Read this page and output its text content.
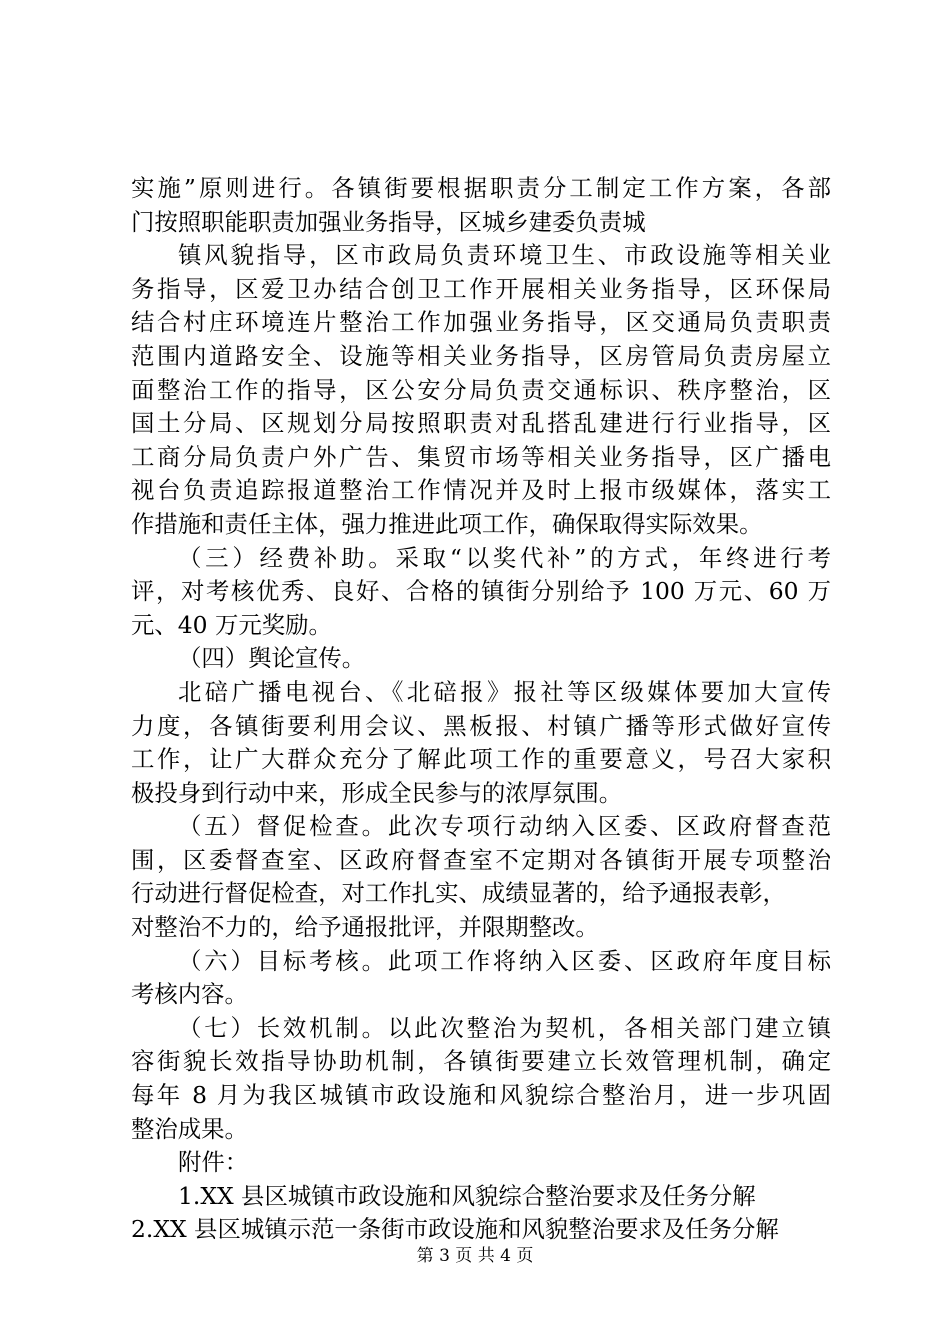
实施”原则进行。各镇街要根据职责分工制定工作方案，各部
门按照职能职责加强业务指导，区城乡建委负责城
镇风貌指导，区市政局负责环境卫生、市政设施等相关业
务指导，区爱卫办结合创卫工作开展相关业务指导，区环保局
结合村庄环境连片整治工作加强业务指导，区交通局负责职责
范围内道路安全、设施等相关业务指导，区房管局负责房屋立
面整治工作的指导，区公安分局负责交通标识、秩序整治，区
国土分局、区规划分局按照职责对乱搭乱建进行行业指导，区
工商分局负责户外广告、集贸市场等相关业务指导，区广播电
视台负责追踪报道整治工作情况并及时上报市级媒体，落实工
作措施和责任主体，强力推进此项工作，确保取得实际效果。
（三）经费补助。采取“以奖代补”的方式，年终进行考
评，对考核优秀、良好、合格的镇街分别给予 100 万元、60 万
元、40 万元奖励。
（四）舆论宣传。
北碚广播电视台、《北碚报》报社等区级媒体要加大宣传
力度，各镇街要利用会议、黑板报、村镇广播等形式做好宣传
工作，让广大群众充分了解此项工作的重要意义，号召大家积
极投身到行动中来，形成全民参与的浓厚氛围。
（五）督促检查。此次专项行动纳入区委、区政府督查范
围，区委督查室、区政府督查室不定期对各镇街开展专项整治
行动进行督促检查，对工作扎实、成绩显著的，给予通报表彰，
对整治不力的，给予通报批评，并限期整改。
（六）目标考核。此项工作将纳入区委、区政府年度目标
考核内容。
（七）长效机制。以此次整治为契机，各相关部门建立镇
容街貌长效指导协助机制，各镇街要建立长效管理机制，确定
每年 8 月为我区城镇市政设施和风貌综合整治月，进一步巩固
整治成果。
附件：
1.XX 县区城镇市政设施和风貌综合整治要求及任务分解
2.XX 县区城镇示范一条街市政设施和风貌整治要求及任务分解
第 3 页 共 4 页
